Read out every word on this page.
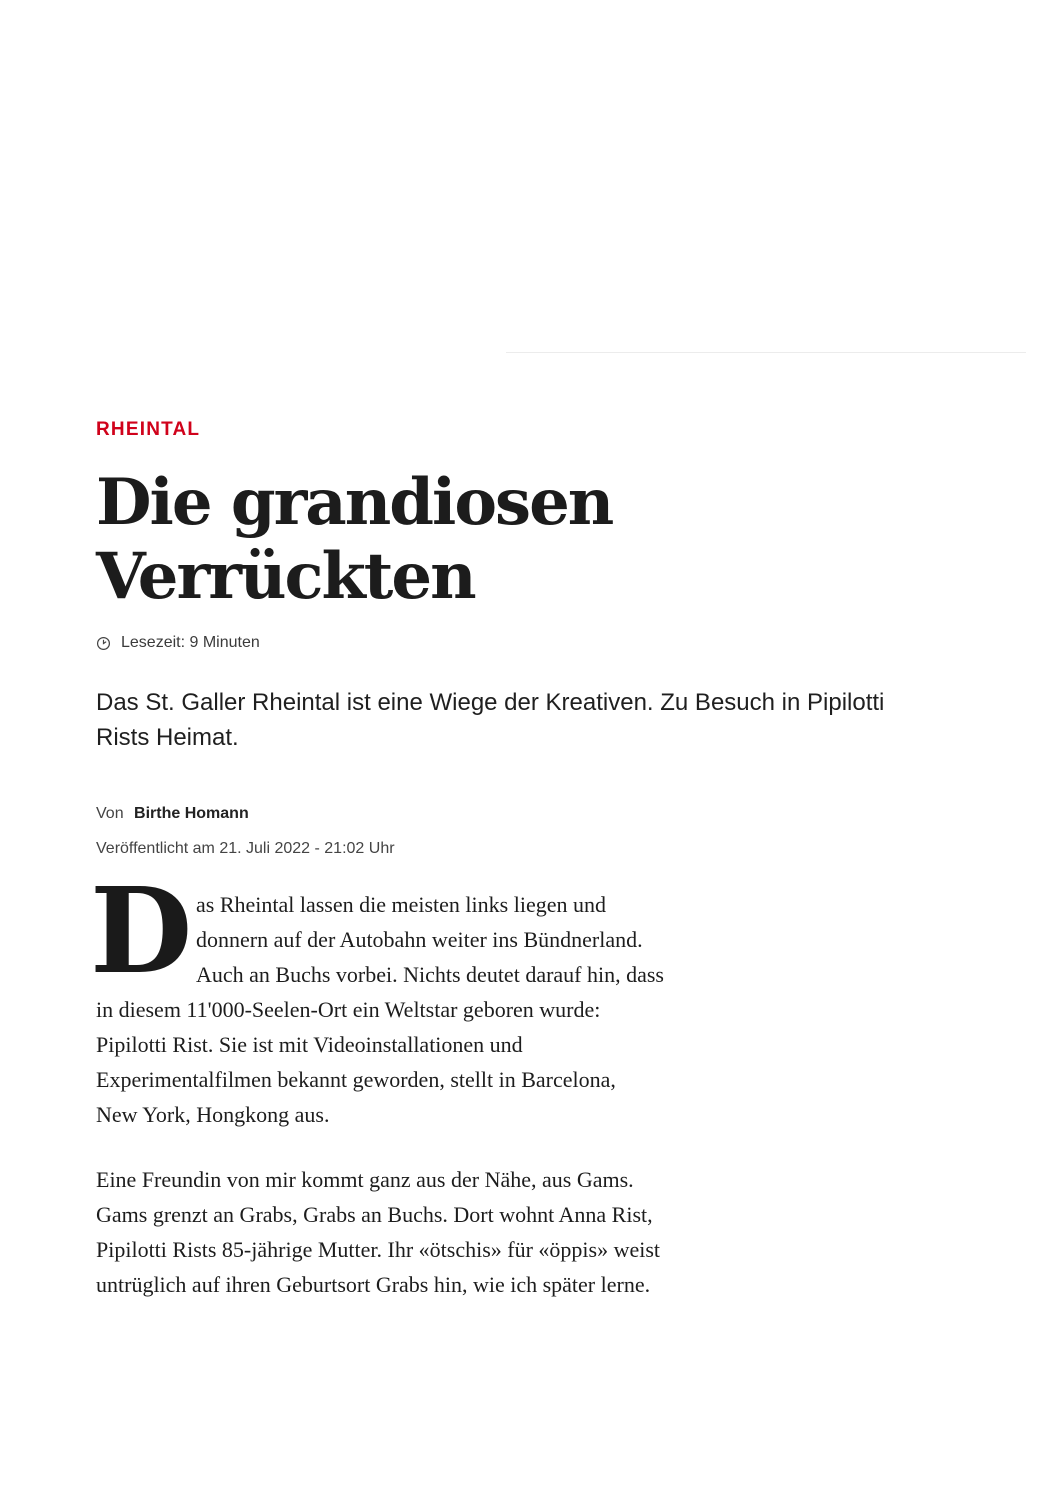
RHEINTAL

Die grandiosen
Verrückten
Lesezeit: 9 Minuten

Das St. Galler Rheintal ist eine Wiege der Kreativen. Zu Besuch in Pipilotti Rists Heimat.

Von Birthe Homann
Veröffentlicht am 21. Juli 2022 - 21:02 Uhr
D as Rheintal lassen die meisten links liegen und

donnern auf der Autobahn weiter ins Bündnerland.

Auch an Buchs vorbei. Nichts deutet darauf hin, dass

in diesem 11'000-Seelen-Ort ein Weltstar geboren wurde:

Pipilotti Rist. Sie ist mit Videoinstallationen und

Experimentalfilmen bekannt geworden, stellt in Barcelona,

New York, Hongkong aus.

Eine Freundin von mir kommt ganz aus der Nähe, aus Gams.

Gams grenzt an Grabs, Grabs an Buchs. Dort wohnt Anna Rist,

Pipilotti Rists 85-jährige Mutter. Ihr «ötschis» für «öppis» weist

untrüglich auf ihren Geburtsort Grabs hin, wie ich später lerne.
